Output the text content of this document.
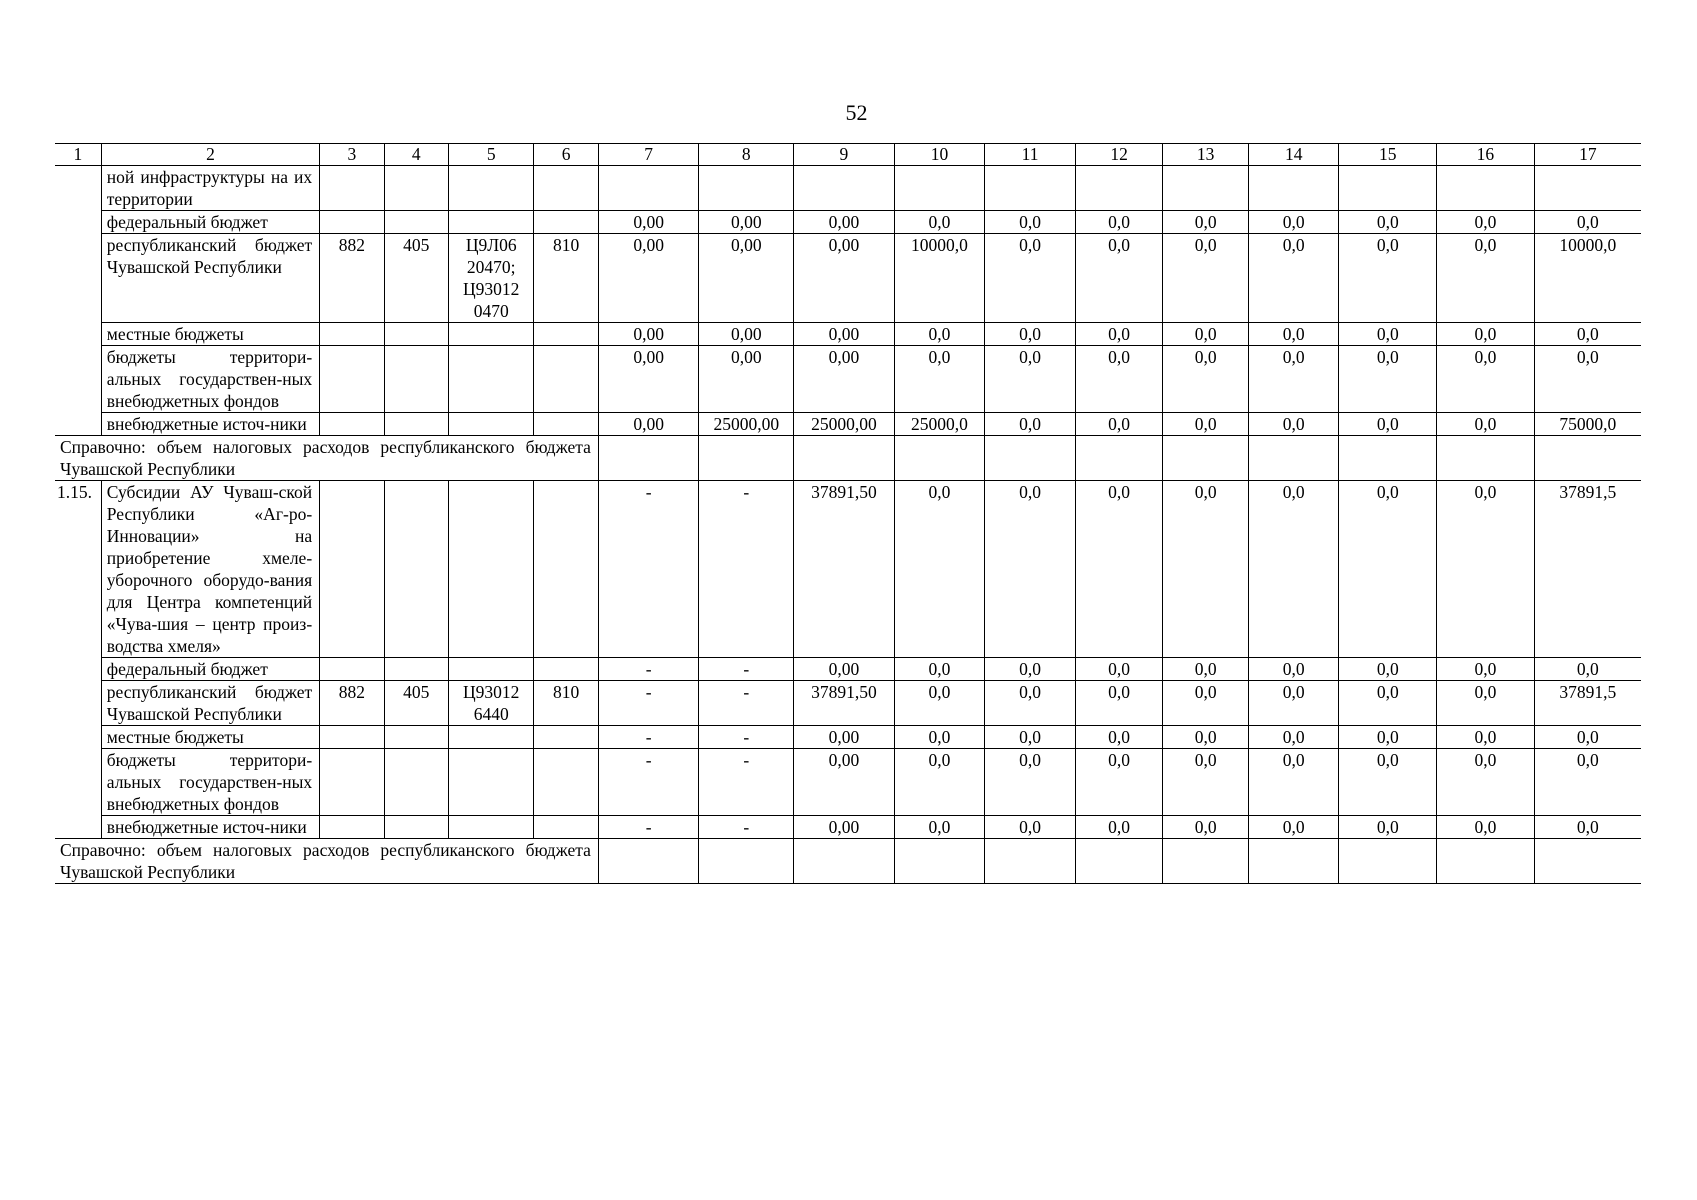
52
1	2	3	4	5	6	7	8	9	10	11	12	13	14	15	16	17
	ной инфраструктуры на их территории															
	федеральный бюджет					0,00	0,00	0,00	0,0	0,0	0,0	0,0	0,0	0,0	0,0	0,0
	республиканский бюджет Чувашской Республики	882	405	Ц9Л06 20470; Ц93012 0470	810	0,00	0,00	0,00	10000,0	0,0	0,0	0,0	0,0	0,0	0,0	10000,0
	местные бюджеты					0,00	0,00	0,00	0,0	0,0	0,0	0,0	0,0	0,0	0,0	0,0
	бюджеты территори-альных государствен-ных внебюджетных фондов					0,00	0,00	0,00	0,0	0,0	0,0	0,0	0,0	0,0	0,0	0,0
	внебюджетные источ-ники					0,00	25000,00	25000,00	25000,0	0,0	0,0	0,0	0,0	0,0	0,0	75000,0
Справочно: объем налоговых расходов республиканского бюджета Чувашской Республики																
1.15.	Субсидии АУ Чуваш-ской Республики «Аг-ро-Инновации» на приобретение хмеле-уборочного оборудо-вания для Центра компетенций «Чува-шия – центр произ-водства хмеля»					-	-	37891,50	0,0	0,0	0,0	0,0	0,0	0,0	0,0	37891,5
	федеральный бюджет					-	-	0,00	0,0	0,0	0,0	0,0	0,0	0,0	0,0	0,0
	республиканский бюджет Чувашской Республики	882	405	Ц93012 6440	810	-	-	37891,50	0,0	0,0	0,0	0,0	0,0	0,0	0,0	37891,5
	местные бюджеты					-	-	0,00	0,0	0,0	0,0	0,0	0,0	0,0	0,0	0,0
	бюджеты территори-альных государствен-ных внебюджетных фондов					-	-	0,00	0,0	0,0	0,0	0,0	0,0	0,0	0,0	0,0
	внебюджетные источ-ники					-	-	0,00	0,0	0,0	0,0	0,0	0,0	0,0	0,0	0,0
Справочно: объем налоговых расходов республиканского бюджета Чувашской Республики																
